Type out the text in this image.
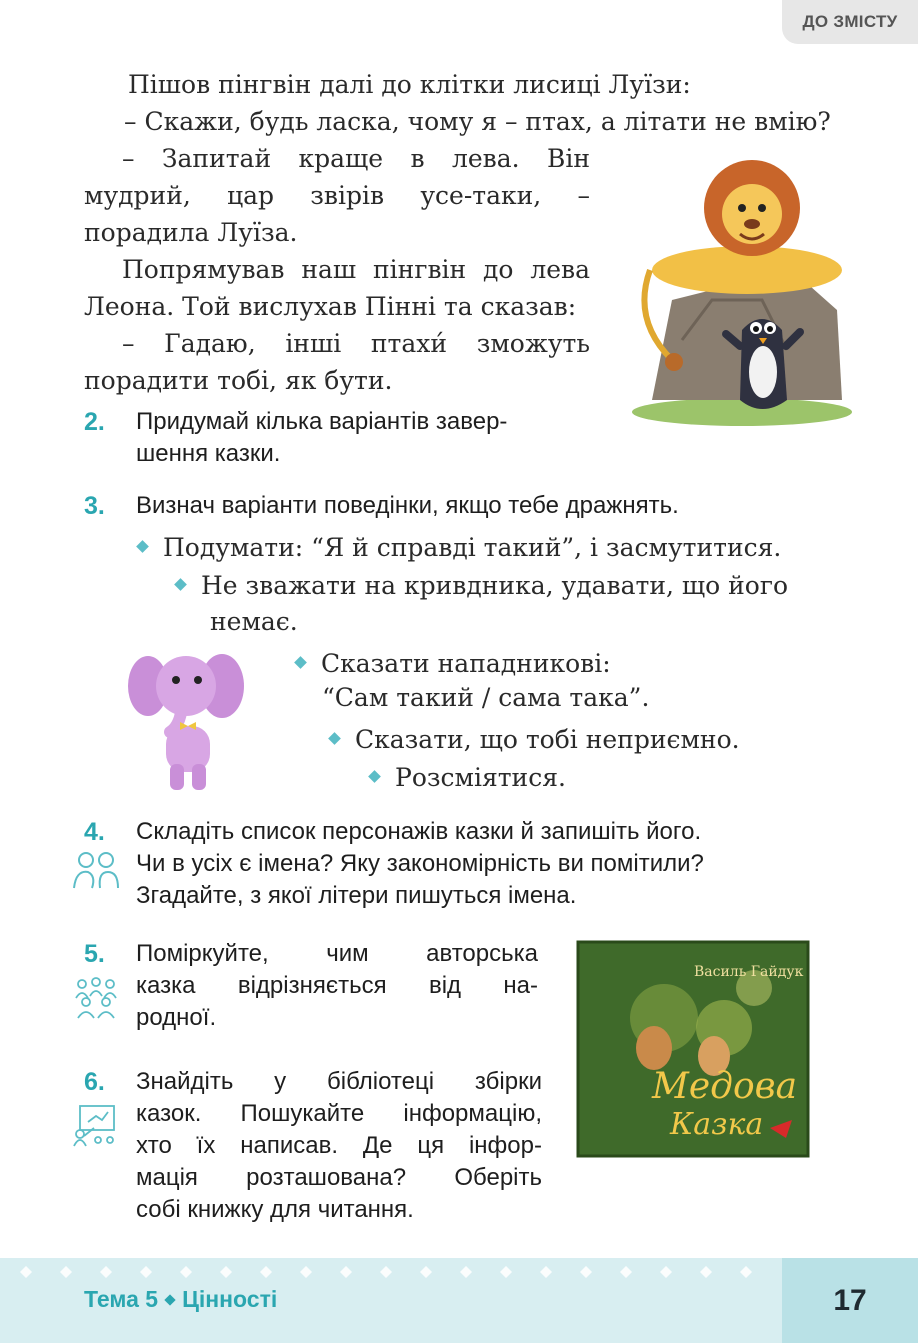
ДО ЗМІСТУ

Пішов пінгвін далі до клітки лисиці Луїзи:

– Скажи, будь ласка, чому я – птах, а літати не вмію?

– Запитай краще в лева. Він мудрий, цар звірів усе-таки, – порадила Луїза.

Попрямував наш пінгвін до лева Леона. Той вислухав Пінні та сказав:

– Гадаю, інші птахи́ зможуть порадити тобі, як бути.

2. Придумай кілька варіантів завер-
шення казки.
3. Визнач варіанти поведінки, якщо тебе дражнять.
Подумати: “Я й справді такий”, і засмутитися.
Не зважати на кривдника, удавати, що його
немає.
Сказати нападникові:
“Сам такий / сама така”.
Сказати, що тобі неприємно.
Розсміятися.
4. Складіть список персонажів казки й запишіть його.
Чи в усіх є імена? Яку закономірність ви помітили?
Згадайте, з якої літери пишуться імена.
5. Поміркуйте, чим авторська
казка відрізняється від на-
родної.
Василь Гайдук
Медова
Казка
6. Знайдіть у бібліотеці збірки
казок. Пошукайте інформацію,
хто їх написав. Де ця інфор-
мація розташована? Оберіть
собі книжку для читання.
Тема 5 Цінності	17
